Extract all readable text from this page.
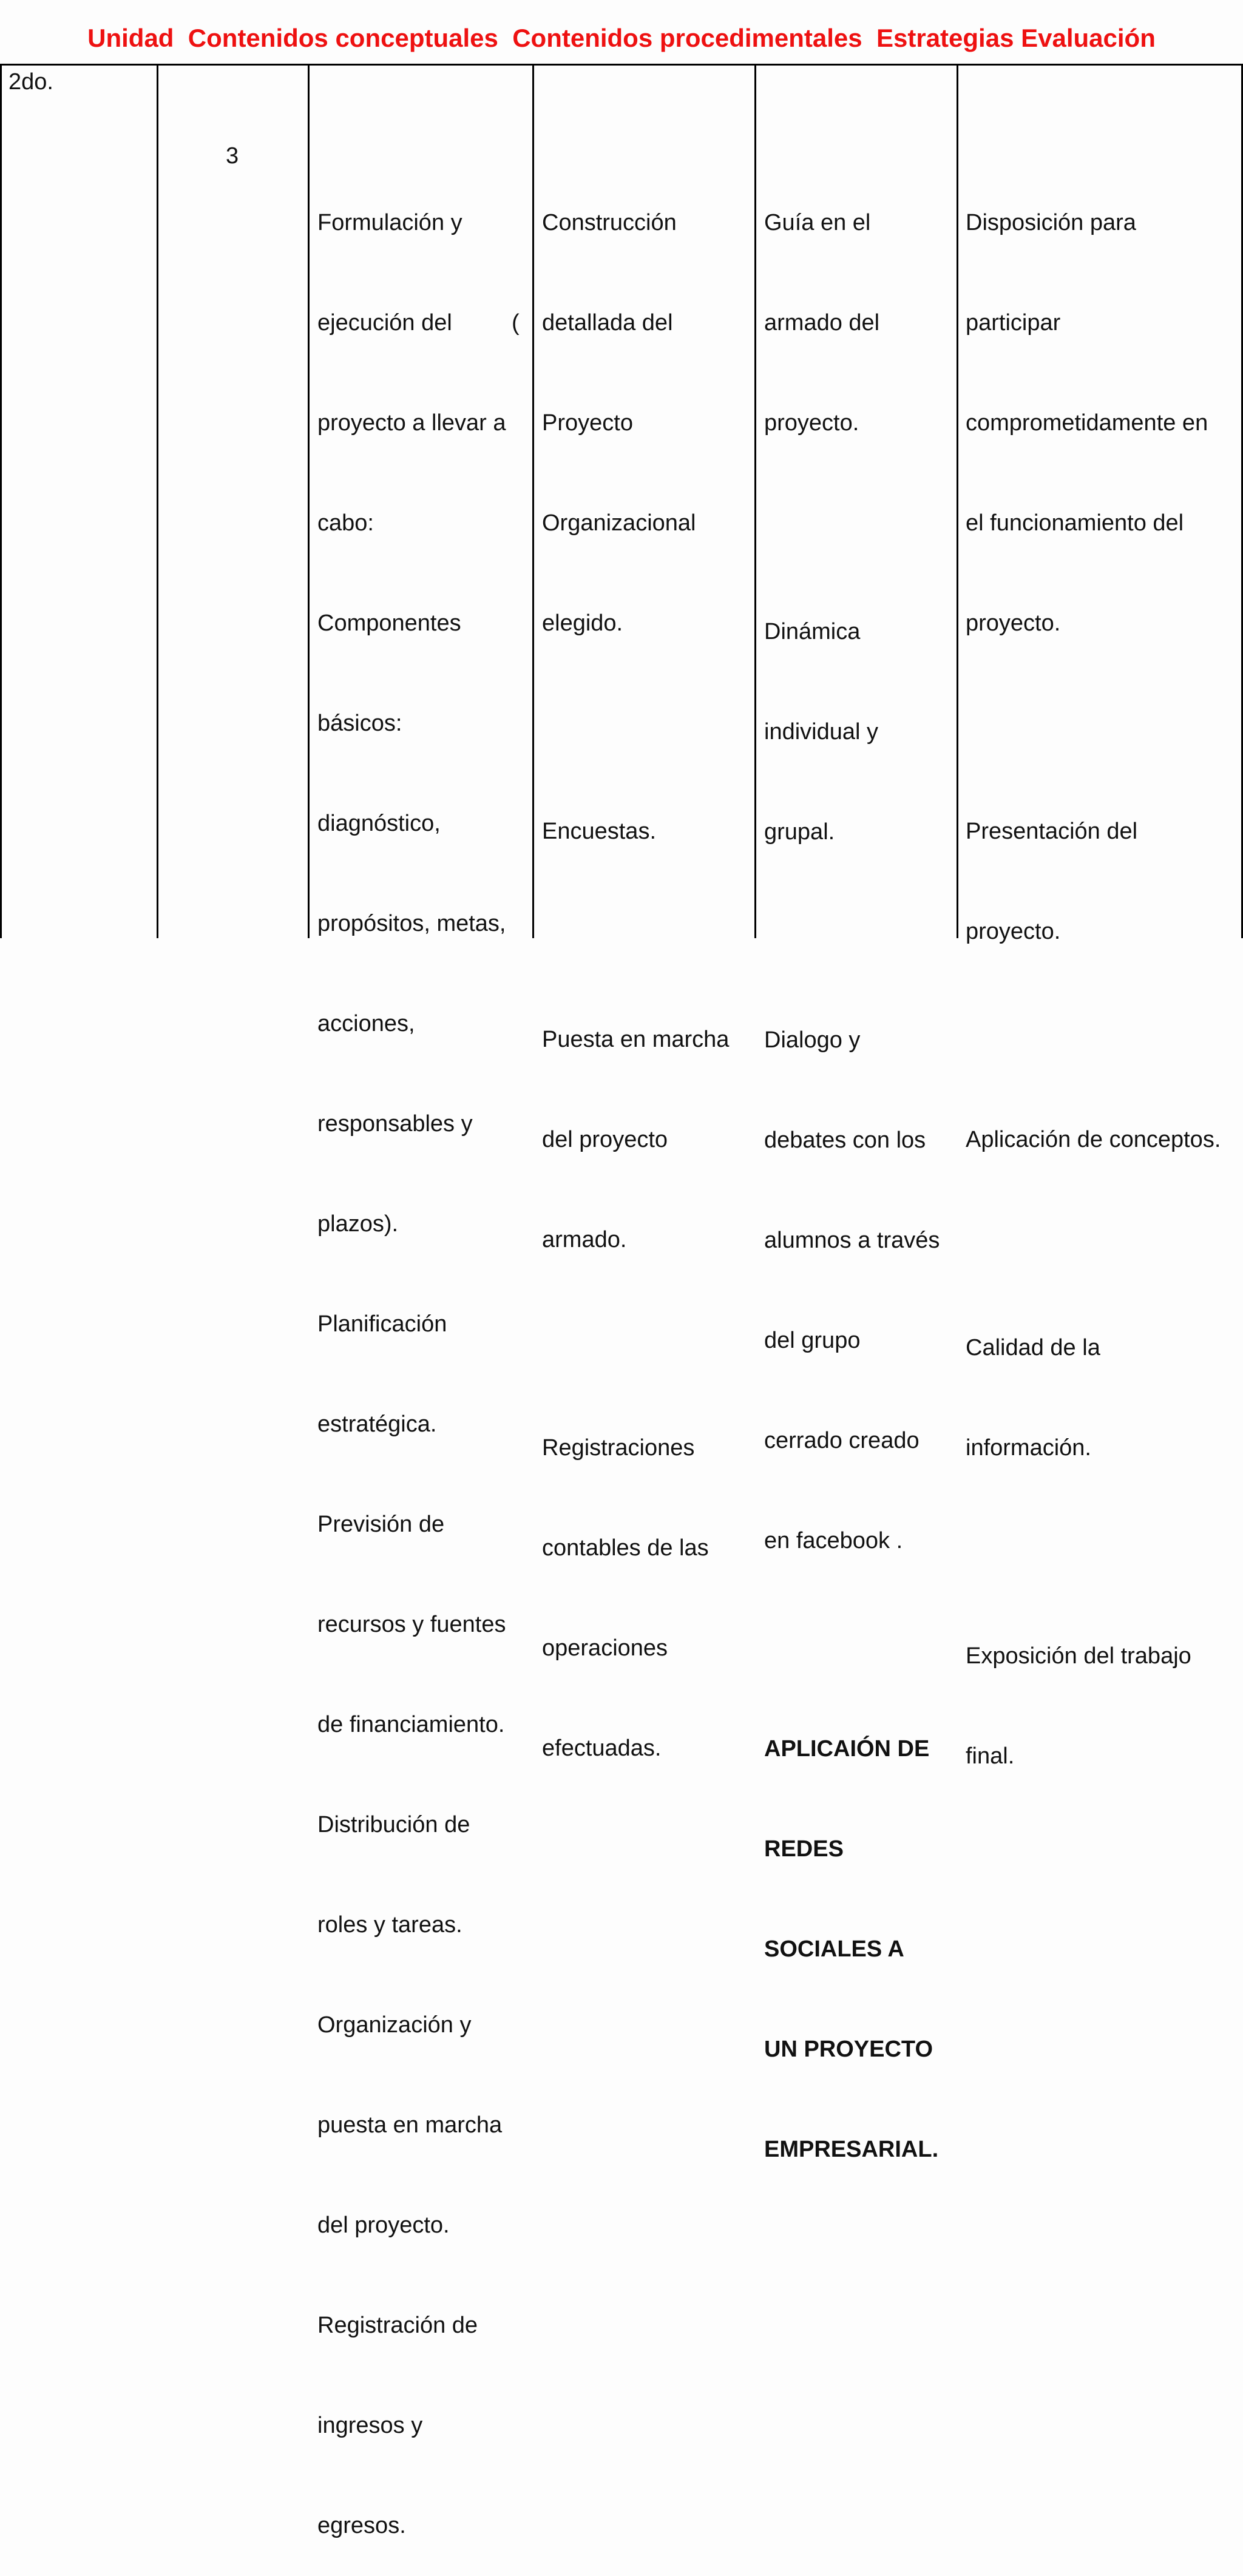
Unidad  Contenidos conceptuales  Contenidos procedimentales  Estrategias Evaluación
2do.
3

Formulación y

ejecución del

proyecto a llevar a

cabo:

Componentes

básicos:

diagnóstico,

propósitos, metas,

acciones,

responsables y

plazos).

Planificación

estratégica.

Previsión de

recursos y fuentes

de financiamiento.

Distribución de

roles y tareas.

Organización y

puesta en marcha

del proyecto.

Registración de

ingresos y

egresos.

(

Construcción

detallada del

Proyecto

Organizacional

elegido.

Encuestas.

Puesta en marcha

del proyecto

armado.

Registraciones

contables de las

operaciones

efectuadas.

Guía en el

armado del

proyecto.

Dinámica

individual y

grupal.

Dialogo y

debates con los

alumnos a través

del grupo

cerrado creado

en facebook .

APLICAIÓN DE

REDES

SOCIALES A

UN PROYECTO

EMPRESARIAL.

Disposición para

participar

comprometidamente en

el funcionamiento del

proyecto.

Presentación del

proyecto.

Aplicación de conceptos.

Calidad de la

información.

Exposición del trabajo

final.
